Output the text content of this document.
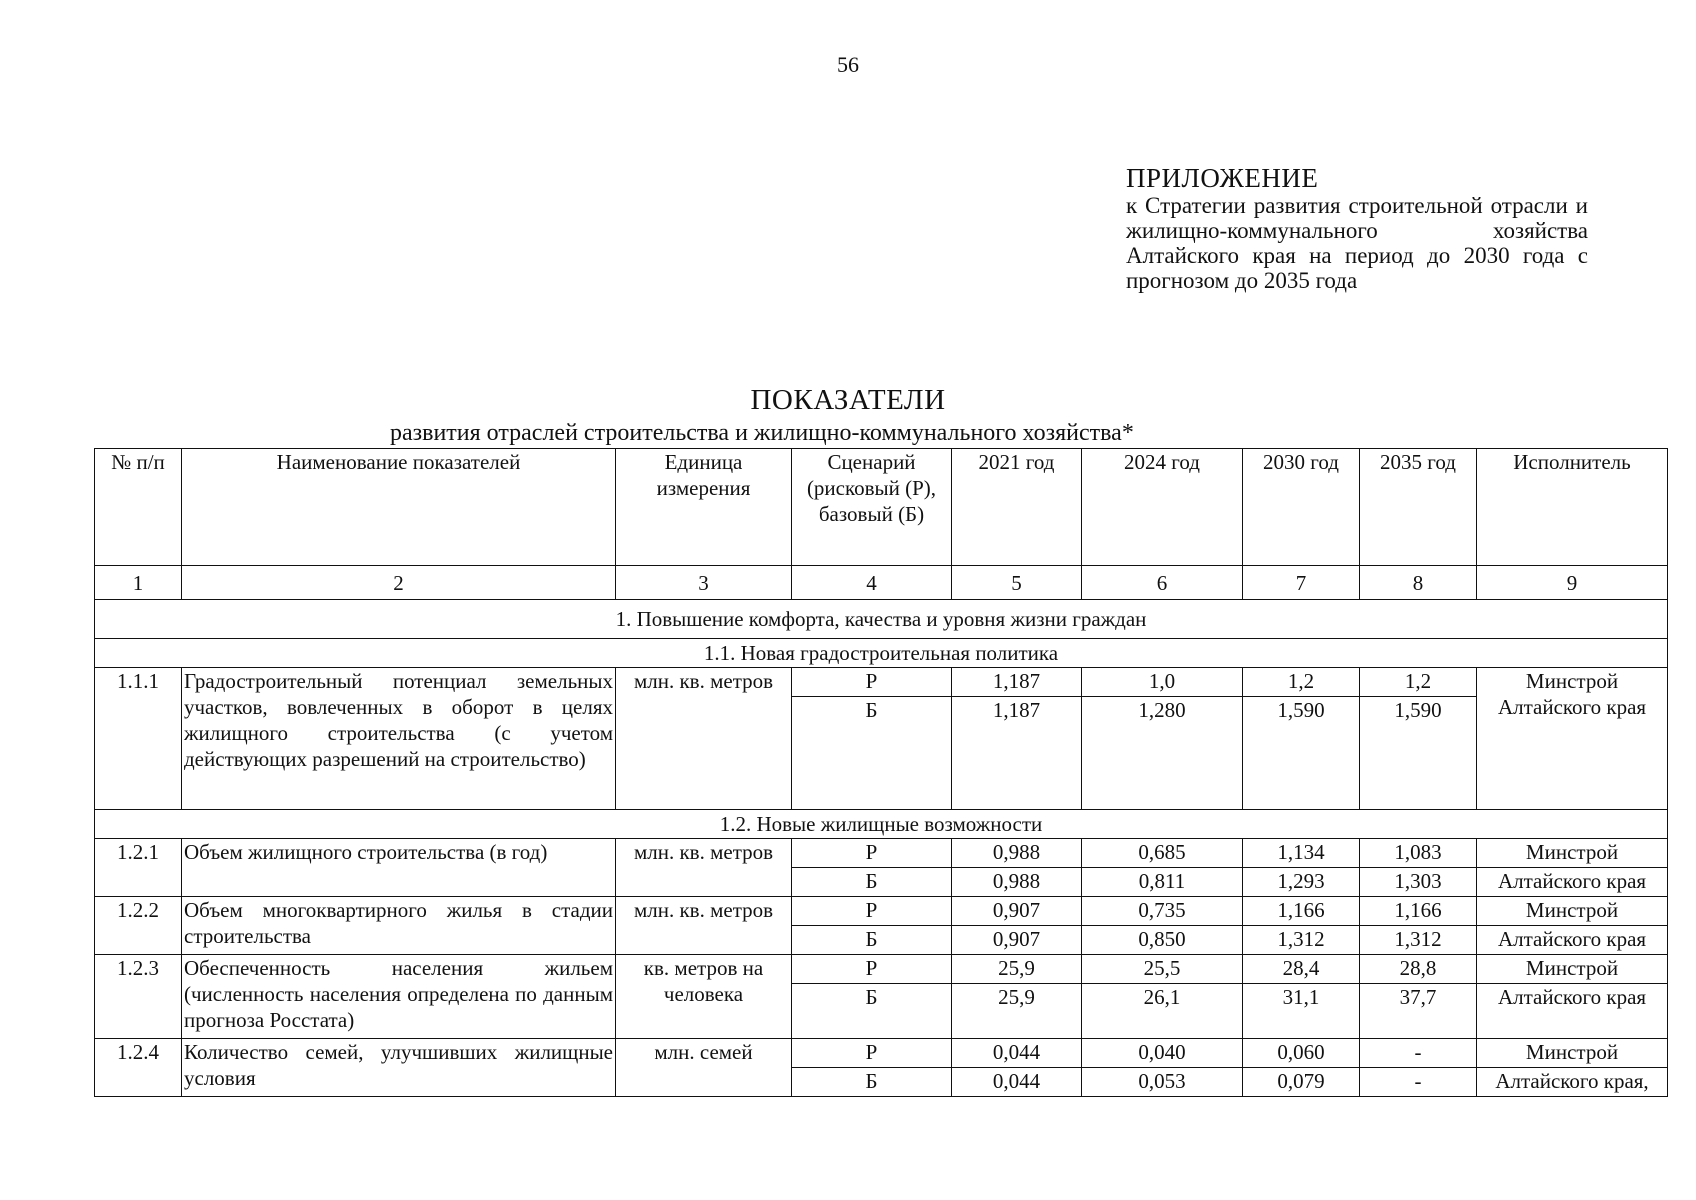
56
ПРИЛОЖЕНИЕ
к Стратегии развития строительной отрасли и жилищно-коммунального хозяйства Алтайского края на период до 2030 года с прогнозом до 2035 года
ПОКАЗАТЕЛИ
развития отраслей строительства и жилищно-коммунального хозяйства*
№ п/п	Наименование показателей	Единица измерения	Сценарий (рисковый (Р), базовый (Б)	2021 год	2024 год	2030 год	2035 год	Исполнитель
1	2	3	4	5	6	7	8	9
1. Повышение комфорта, качества и уровня жизни граждан								
1.1. Новая градостроительная политика								
1.1.1	Градостроительный потенциал земельных участков, вовлеченных в оборот в целях жилищного строительства (с учетом действующих разрешений на строительство)	млн. кв. метров	Р	1,187	1,0	1,2	1,2	Минстрой Алтайского края
			Б	1,187	1,280	1,590	1,590	
1.2. Новые жилищные возможности								
1.2.1	Объем жилищного строительства (в год)	млн. кв. метров	Р	0,988	0,685	1,134	1,083	Минстрой
			Б	0,988	0,811	1,293	1,303	Алтайского края
1.2.2	Объем многоквартирного жилья в стадии строительства	млн. кв. метров	Р	0,907	0,735	1,166	1,166	Минстрой
			Б	0,907	0,850	1,312	1,312	Алтайского края
1.2.3	Обеспеченность населения жильем (численность населения определена по данным прогноза Росстата)	кв. метров на человека	Р	25,9	25,5	28,4	28,8	Минстрой
			Б	25,9	26,1	31,1	37,7	Алтайского края
1.2.4	Количество семей, улучшивших жилищные условия	млн. семей	Р	0,044	0,040	0,060	-	Минстрой
			Б	0,044	0,053	0,079	-	Алтайского края,
